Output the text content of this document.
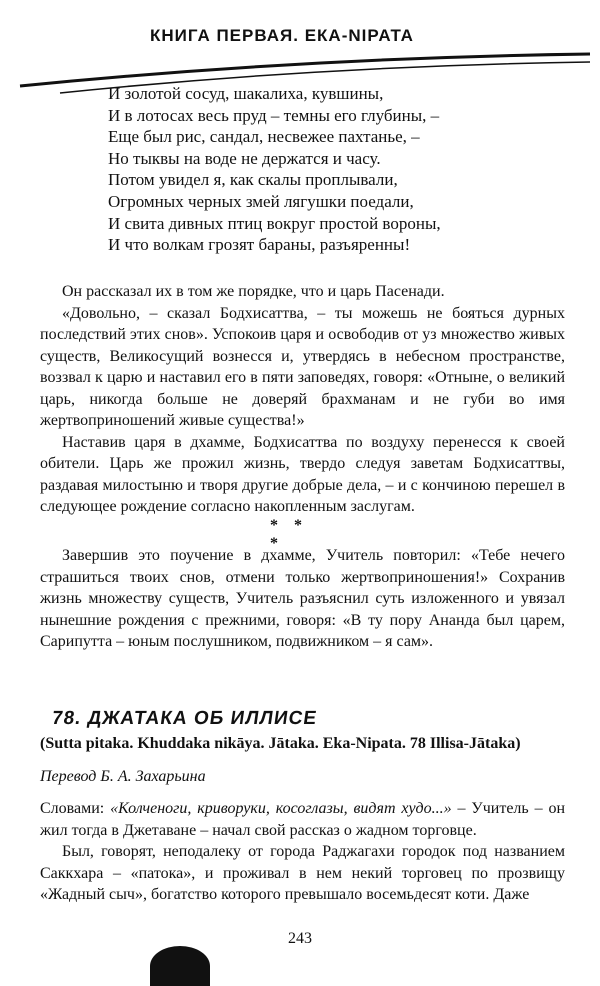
КНИГА ПЕРВАЯ. ЕКА-NIPATA
И золотой сосуд, шакалиха, кувшины,
И в лотосах весь пруд – темны его глубины, –
Еще был рис, сандал, несвежее пахтанье, –
Но тыквы на воде не держатся и часу.
Потом увидел я, как скалы проплывали,
Огромных черных змей лягушки поедали,
И свита дивных птиц вокруг простой вороны,
И что волкам грозят бараны, разъяренны!

Он рассказал их в том же порядке, что и царь Пасенади.

«Довольно, – сказал Бодхисаттва, – ты можешь не бояться дурных последствий этих снов». Успокоив царя и освободив от уз множество живых существ, Великосущий вознесся и, утвердясь в небесном пространстве, воззвал к царю и наставил его в пяти заповедях, говоря: «Отныне, о великий царь, никогда больше не доверяй брахманам и не губи во имя жертвоприношений живые существа!»

Наставив царя в дхамме, Бодхисаттва по воздуху перенесся к своей обители. Царь же прожил жизнь, твердо следуя заветам Бодхисаттвы, раздавая милостыню и творя другие добрые дела, – и с кончиною перешел в следующее рождение согласно накопленным заслугам.

* * *

Завершив это поучение в дхамме, Учитель повторил: «Тебе нечего страшиться твоих снов, отмени только жертвоприношения!» Сохранив жизнь множеству существ, Учитель разъяснил суть изложенного и увязал нынешние рождения с прежними, говоря: «В ту пору Ананда был царем, Сарипутта – юным послушником, подвижником – я сам».

78. ДЖАТАКА ОБ ИЛЛИСЕ
(Sutta pitaka. Khuddaka nikāya. Jātaka. Eka-Nipata. 78 Illisa-Jātaka)
Перевод Б. А. Захарьина

Словами: «Колченоги, криворуки, косоглазы, видят худо...» – Учитель – он жил тогда в Джетаване – начал свой рассказ о жадном торговце.

Был, говорят, неподалеку от города Раджагахи городок под названием Саккхара – «патока», и проживал в нем некий торговец по прозвищу «Жадный сыч», богатство которого превышало восемьдесят коти. Даже

243
